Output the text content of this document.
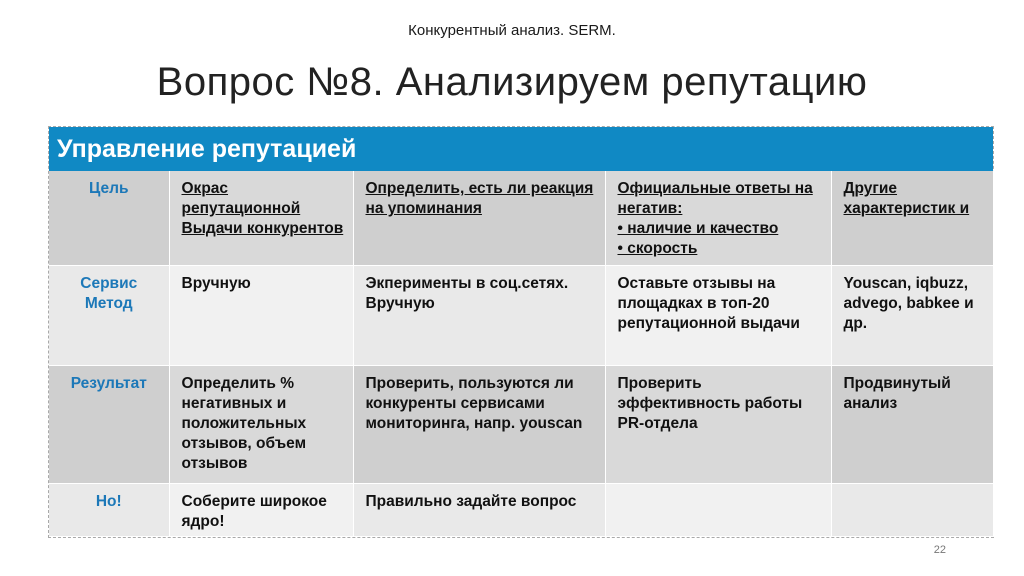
Конкурентный анализ. SERM.
Вопрос №8. Анализируем репутацию
Управление репутацией
Цель	Окрас репутационной Выдачи конкурентов	Определить, есть ли реакция на упоминания	Официальные ответы на негатив:
• наличие и качество
• скорость	Другие характеристик и
Сервис
Метод	Вручную	Экперименты в соц.сетях. Вручную	Оставьте отзывы на площадках в топ-20 репутационной выдачи	Youscan, iqbuzz, advego, babkee и др.
Результат	Определить % негативных и положительных отзывов, объем отзывов	Проверить, пользуются ли конкуренты сервисами мониторинга, напр. youscan	Проверить эффективность работы PR-отдела	Продвинутый анализ
Но!	Соберите широкое ядро!	Правильно задайте вопрос		
22
